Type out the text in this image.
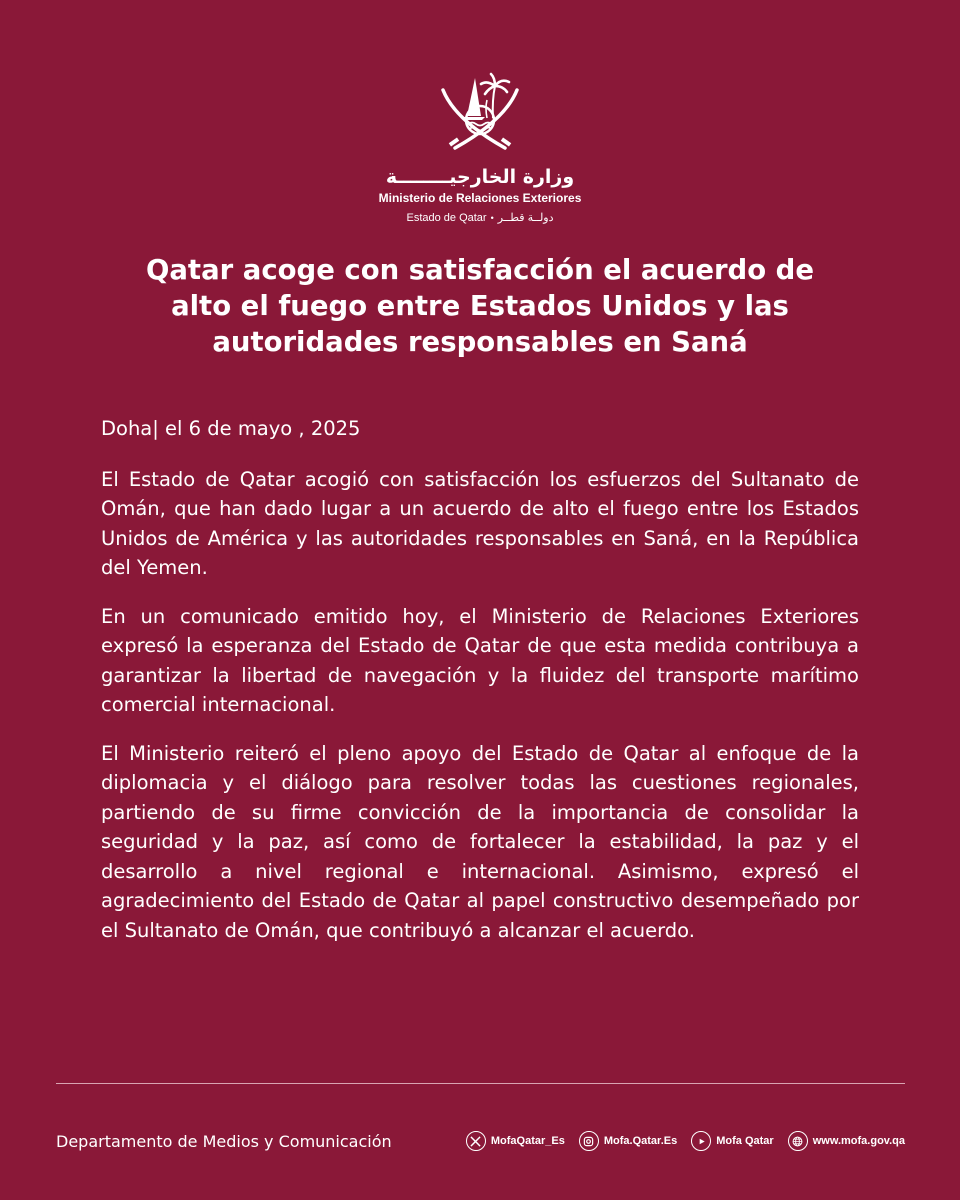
وزارة الخارجيــــــــة
Ministerio de Relaciones Exteriores
Estado de Qatar • دولــة قطــر
Qatar acoge con satisfacción el acuerdo de alto el fuego entre Estados Unidos y las autoridades responsables en Saná

Doha| el 6 de mayo , 2025

El Estado de Qatar acogió con satisfacción los esfuerzos del Sultanato de Omán, que han dado lugar a un acuerdo de alto el fuego entre los Estados Unidos de América y las autoridades responsables en Saná, en la República del Yemen.

En un comunicado emitido hoy, el Ministerio de Relaciones Exteriores expresó la esperanza del Estado de Qatar de que esta medida contribuya a garantizar la libertad de navegación y la fluidez del transporte marítimo comercial internacional.

El Ministerio reiteró el pleno apoyo del Estado de Qatar al enfoque de la diplomacia y el diálogo para resolver todas las cuestiones regionales, partiendo de su firme convicción de la importancia de consolidar la seguridad y la paz, así como de fortalecer la estabilidad, la paz y el desarrollo a nivel regional e internacional. Asimismo, expresó el agradecimiento del Estado de Qatar al papel constructivo desempeñado por el Sultanato de Omán, que contribuyó a alcanzar el acuerdo.

Departamento de Medios y Comunicación	MofaQatar_Es	Mofa.Qatar.Es	Mofa Qatar	www.mofa.gov.qa
